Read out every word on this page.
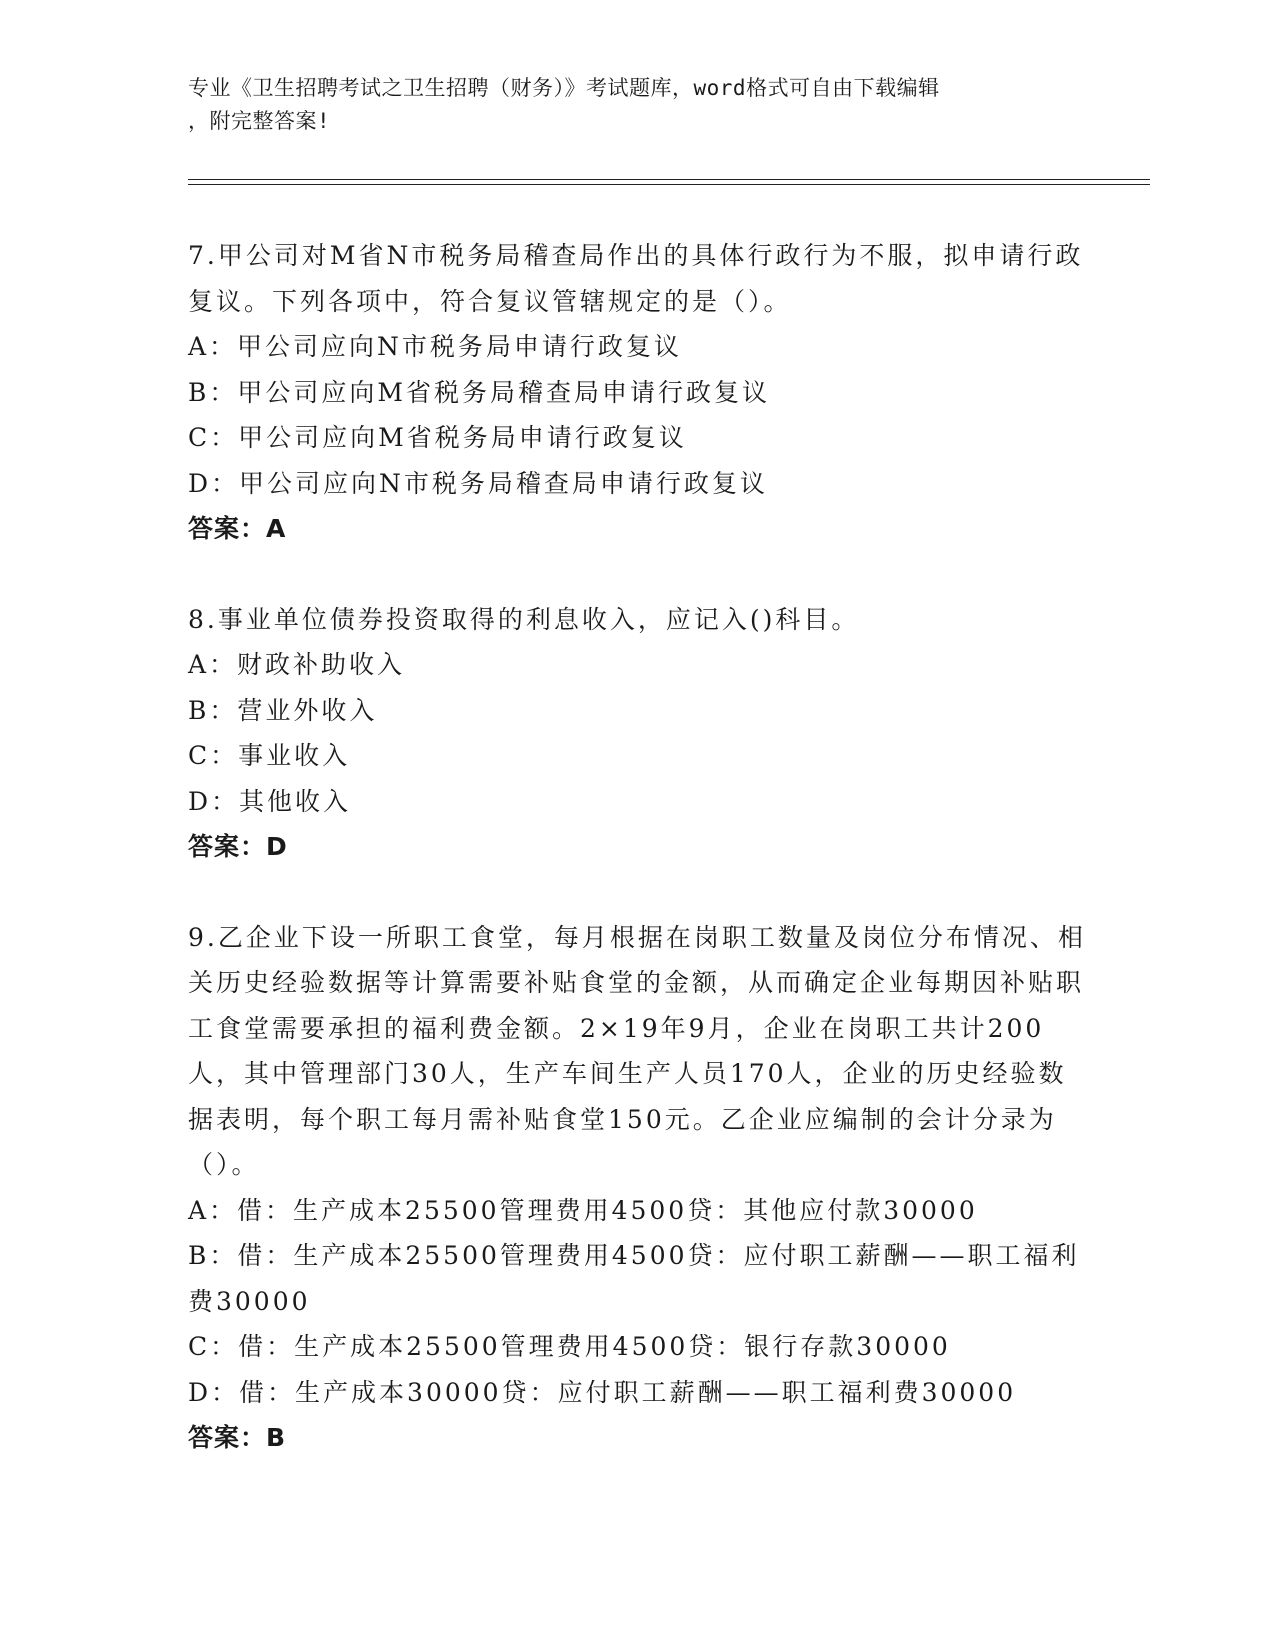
专业《卫生招聘考试之卫生招聘（财务）》考试题库，word格式可自由下载编辑
，附完整答案!
7.甲公司对M省N市税务局稽查局作出的具体行政行为不服，拟申请行政复议。下列各项中，符合复议管辖规定的是（）。
A：甲公司应向N市税务局申请行政复议
B：甲公司应向M省税务局稽查局申请行政复议
C：甲公司应向M省税务局申请行政复议
D：甲公司应向N市税务局稽查局申请行政复议
答案：A
8.事业单位债券投资取得的利息收入，应记入()科目。
A：财政补助收入
B：营业外收入
C：事业收入
D：其他收入
答案：D
9.乙企业下设一所职工食堂，每月根据在岗职工数量及岗位分布情况、相关历史经验数据等计算需要补贴食堂的金额，从而确定企业每期因补贴职工食堂需要承担的福利费金额。2×19年9月，企业在岗职工共计200人，其中管理部门30人，生产车间生产人员170人，企业的历史经验数据表明，每个职工每月需补贴食堂150元。乙企业应编制的会计分录为（）。
A：借：生产成本25500管理费用4500贷：其他应付款30000
B：借：生产成本25500管理费用4500贷：应付职工薪酬——职工福利费30000
C：借：生产成本25500管理费用4500贷：银行存款30000
D：借：生产成本30000贷：应付职工薪酬——职工福利费30000
答案：B
